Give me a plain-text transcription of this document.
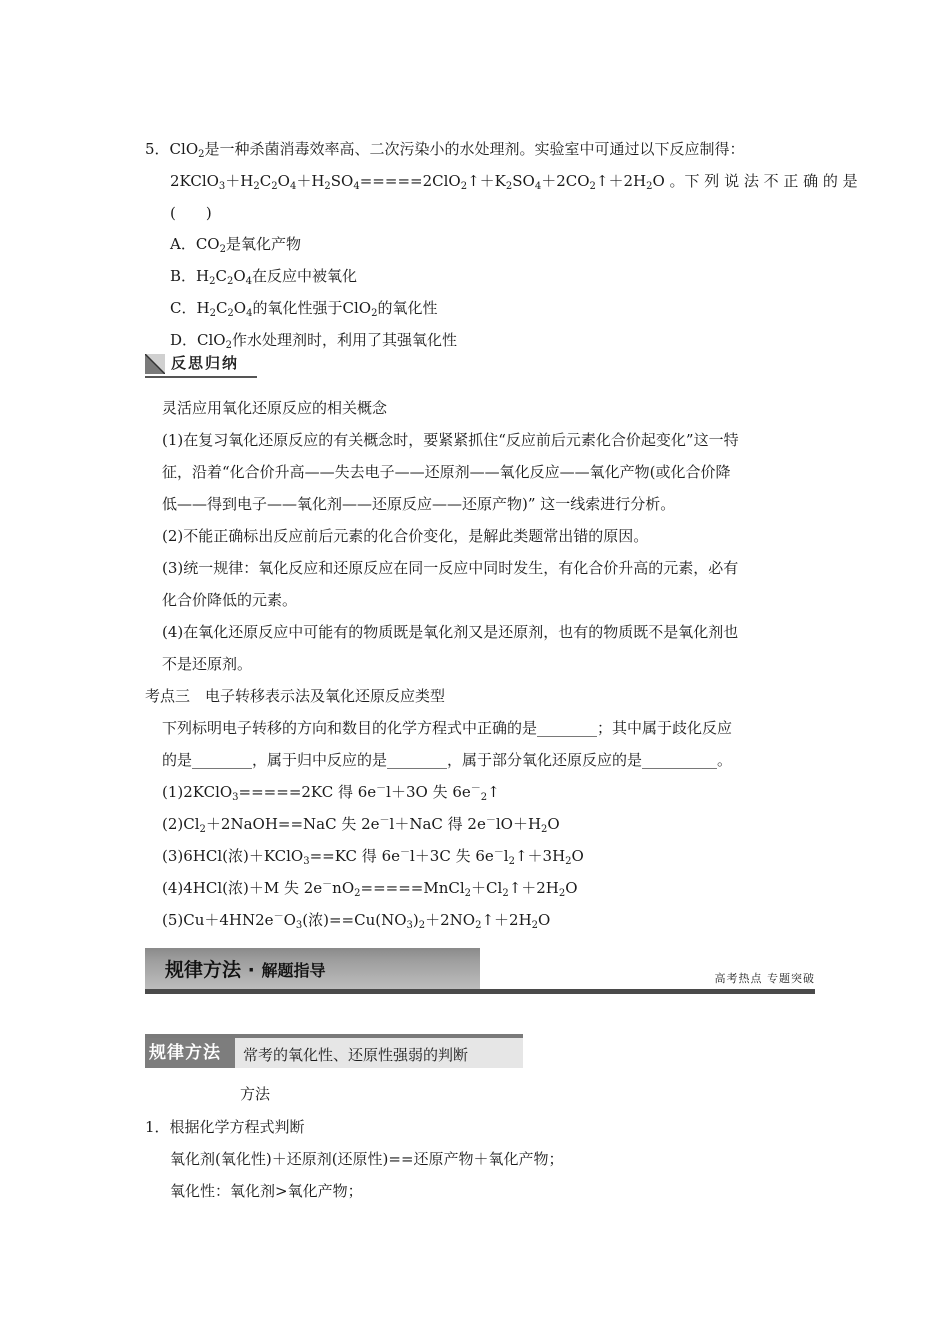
5．ClO$_2$是一种杀菌消毒效率高、二次污染小的水处理剂。实验室中可通过以下反应制得：
$2KClO_3+H_2C_2O_4+H_2SO_4=====2ClO_2↑+K_2SO_4+2CO_2↑+2H_2O$ 。下 列 说 法 不 正 确 的 是
(　　)
A．$CO_2$是氧化产物
B．$H_2C_2O_4$在反应中被氧化
C．$H_2C_2O_4$的氧化性强于ClO$_2$的氧化性
D．ClO$_2$作水处理剂时，利用了其强氧化性
反思归纳
灵活应用氧化还原反应的相关概念
(1)在复习氧化还原反应的有关概念时，要紧紧抓住“反应前后元素化合价起变化”这一特
征，沿着“化合价升高——失去电子——还原剂——氧化反应——氧化产物(或化合价降
低——得到电子——氧化剂——还原反应——还原产物)” 这一线索进行分析。
(2)不能正确标出反应前后元素的化合价变化，是解此类题常出错的原因。
(3)统一规律：氧化反应和还原反应在同一反应中同时发生，有化合价升高的元素，必有
化合价降低的元素。
(4)在氧化还原反应中可能有的物质既是氧化剂又是还原剂，也有的物质既不是氧化剂也
不是还原剂。
考点三　电子转移表示法及氧化还原反应类型
下列标明电子转移的方向和数目的化学方程式中正确的是________；其中属于歧化反应
的是________，属于归中反应的是________，属于部分氧化还原反应的是__________。
(1)2KClO$_3$=====2KC 得 6e－l＋3O 失 $6e^-_2↑$
$(2)Cl_2+2NaOH==NaC$ 失 2e－l＋NaC 得 $2e^-lO+H_2O$
(3)6HCl(浓)＋KClO$_3$==KC 得 6e－l＋3C 失 $6e^-l_2↑+3H_2O$
(4)4HCl(浓)＋M 失 $2e^-nO_2=====MnCl_2+Cl_2↑+2H_2O$
$(5)Cu+4HN2e^-O_3$(浓)$==Cu(NO_3)_2+2NO_2↑+2H_2O$
规律方法 · 解题指导	高考热点 专题突破
规律方法 常考的氧化性、还原性强弱的判断
方法
1．根据化学方程式判断
氧化剂(氧化性)＋还原剂(还原性)==还原产物＋氧化产物；
氧化性：氧化剂>氧化产物；
